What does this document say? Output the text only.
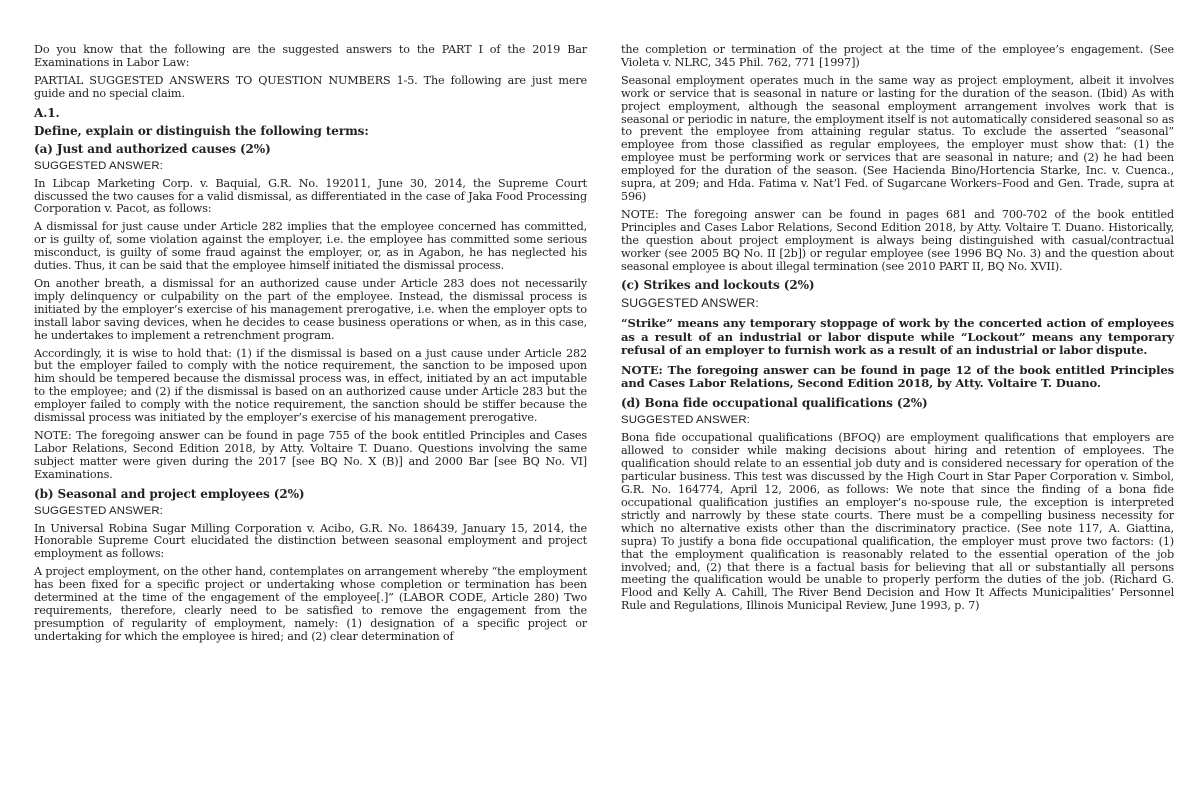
Do you know that the following are the suggested answers to the PART I of the 2019 Bar Examinations in Labor Law:

PARTIAL SUGGESTED ANSWERS TO QUESTION NUMBERS 1-5. The following are just mere guide and no special claim.

A.1.

Define, explain or distinguish the following terms:

(a) Just and authorized causes (2%)

SUGGESTED ANSWER:

In Libcap Marketing Corp. v. Baquial, G.R. No. 192011, June 30, 2014, the Supreme Court discussed the two causes for a valid dismissal, as differentiated in the case of Jaka Food Processing Corporation v. Pacot, as follows:

A dismissal for just cause under Article 282 implies that the employee concerned has committed, or is guilty of, some violation against the employer, i.e. the employee has committed some serious misconduct, is guilty of some fraud against the employer, or, as in Agabon, he has neglected his duties. Thus, it can be said that the employee himself initiated the dismissal process.

On another breath, a dismissal for an authorized cause under Article 283 does not necessarily imply delinquency or culpability on the part of the employee. Instead, the dismissal process is initiated by the employer’s exercise of his management prerogative, i.e. when the employer opts to install labor saving devices, when he decides to cease business operations or when, as in this case, he undertakes to implement a retrenchment program.

Accordingly, it is wise to hold that: (1) if the dismissal is based on a just cause under Article 282 but the employer failed to comply with the notice requirement, the sanction to be imposed upon him should be tempered because the dismissal process was, in effect, initiated by an act imputable to the employee; and (2) if the dismissal is based on an authorized cause under Article 283 but the employer failed to comply with the notice requirement, the sanction should be stiffer because the dismissal process was initiated by the employer’s exercise of his management prerogative.

NOTE: The foregoing answer can be found in page 755 of the book entitled Principles and Cases Labor Relations, Second Edition 2018, by Atty. Voltaire T. Duano. Questions involving the same subject matter were given during the 2017 [see BQ No. X (B)] and 2000 Bar [see BQ No. VI] Examinations.

(b) Seasonal and project employees (2%)

SUGGESTED ANSWER:

In Universal Robina Sugar Milling Corporation v. Acibo, G.R. No. 186439, January 15, 2014, the Honorable Supreme Court elucidated the distinction between seasonal employment and project employment as follows:

A project employment, on the other hand, contemplates on arrangement whereby “the employment has been fixed for a specific project or undertaking whose completion or termination has been determined at the time of the engagement of the employee[.]” (LABOR CODE, Article 280) Two requirements, therefore, clearly need to be satisfied to remove the engagement from the presumption of regularity of employment, namely: (1) designation of a specific project or undertaking for which the employee is hired; and (2) clear determination of

the completion or termination of the project at the time of the employee’s engagement. (See Violeta v. NLRC, 345 Phil. 762, 771 [1997])

Seasonal employment operates much in the same way as project employment, albeit it involves work or service that is seasonal in nature or lasting for the duration of the season. (Ibid) As with project employment, although the seasonal employment arrangement involves work that is seasonal or periodic in nature, the employment itself is not automatically considered seasonal so as to prevent the employee from attaining regular status. To exclude the asserted “seasonal” employee from those classified as regular employees, the employer must show that: (1) the employee must be performing work or services that are seasonal in nature; and (2) he had been employed for the duration of the season. (See Hacienda Bino/Hortencia Starke, Inc. v. Cuenca., supra, at 209; and Hda. Fatima v. Nat’l Fed. of Sugarcane Workers–Food and Gen. Trade, supra at 596)

NOTE: The foregoing answer can be found in pages 681 and 700-702 of the book entitled Principles and Cases Labor Relations, Second Edition 2018, by Atty. Voltaire T. Duano. Historically, the question about project employment is always being distinguished with casual/contractual worker (see 2005 BQ No. II [2b]) or regular employee (see 1996 BQ No. 3) and the question about seasonal employee is about illegal termination (see 2010 PART II, BQ No. XVII).

(c) Strikes and lockouts (2%)

SUGGESTED ANSWER:

“Strike” means any temporary stoppage of work by the concerted action of employees as a result of an industrial or labor dispute while “Lockout” means any temporary refusal of an employer to furnish work as a result of an industrial or labor dispute.

NOTE: The foregoing answer can be found in page 12 of the book entitled Principles and Cases Labor Relations, Second Edition 2018, by Atty. Voltaire T. Duano.

(d) Bona fide occupational qualifications (2%)

SUGGESTED ANSWER:

Bona fide occupational qualifications (BFOQ) are employment qualifications that employers are allowed to consider while making decisions about hiring and retention of employees. The qualification should relate to an essential job duty and is considered necessary for operation of the particular business. This test was discussed by the High Court in Star Paper Corporation v. Simbol, G.R. No. 164774, April 12, 2006, as follows: We note that since the finding of a bona fide occupational qualification justifies an employer’s no-spouse rule, the exception is interpreted strictly and narrowly by these state courts. There must be a compelling business necessity for which no alternative exists other than the discriminatory practice. (See note 117, A. Giattina, supra) To justify a bona fide occupational qualification, the employer must prove two factors: (1) that the employment qualification is reasonably related to the essential operation of the job involved; and, (2) that there is a factual basis for believing that all or substantially all persons meeting the qualification would be unable to properly perform the duties of the job. (Richard G. Flood and Kelly A. Cahill, The River Bend Decision and How It Affects Municipalities’ Personnel Rule and Regulations, Illinois Municipal Review, June 1993, p. 7)
